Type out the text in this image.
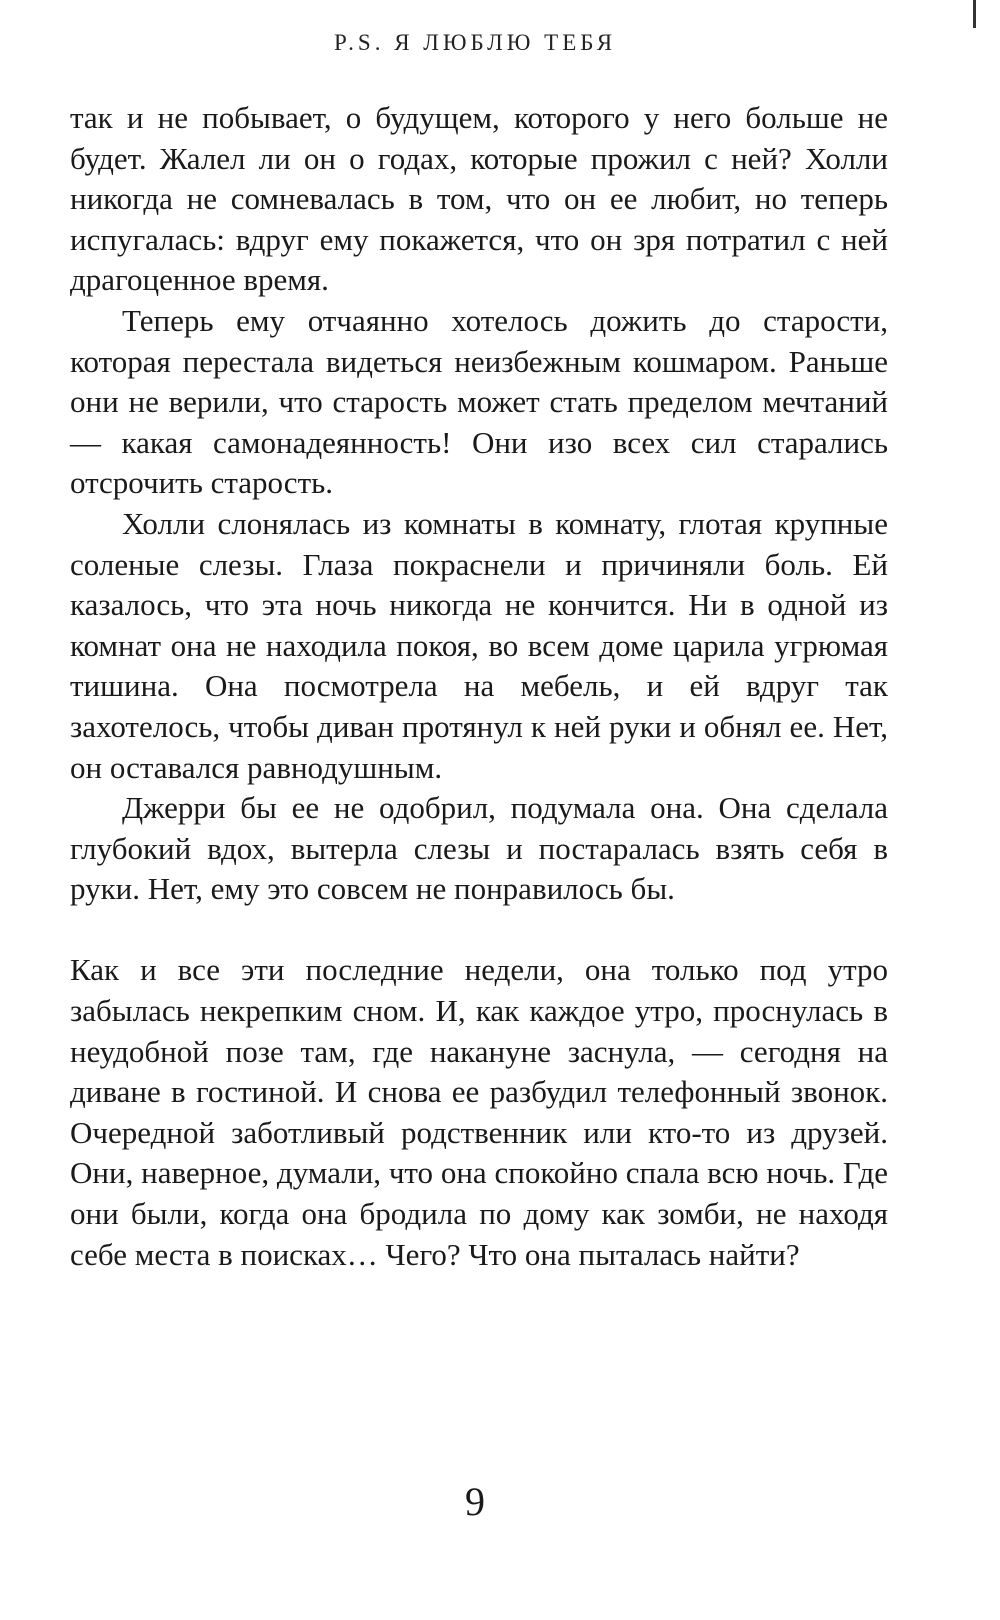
P.S. Я ЛЮБЛЮ ТЕБЯ

так и не побывает, о будущем, которого у него больше не будет. Жалел ли он о годах, которые прожил с ней? Холли никогда не сомневалась в том, что он ее любит, но теперь испугалась: вдруг ему покажется, что он зря потратил с ней драгоценное время.

Теперь ему отчаянно хотелось дожить до старости, которая перестала видеться неизбежным кошмаром. Раньше они не верили, что старость может стать пределом мечтаний — какая самонадеянность! Они изо всех сил старались отсрочить старость.

Холли слонялась из комнаты в комнату, глотая крупные соленые слезы. Глаза покраснели и причиняли боль. Ей казалось, что эта ночь никогда не кончится. Ни в одной из комнат она не находила покоя, во всем доме царила угрюмая тишина. Она посмотрела на мебель, и ей вдруг так захотелось, чтобы диван протянул к ней руки и обнял ее. Нет, он оставался равнодушным.

Джерри бы ее не одобрил, подумала она. Она сделала глубокий вдох, вытерла слезы и постаралась взять себя в руки. Нет, ему это совсем не понравилось бы.

Как и все эти последние недели, она только под утро забылась некрепким сном. И, как каждое утро, проснулась в неудобной позе там, где накануне заснула, — сегодня на диване в гостиной. И снова ее разбудил телефонный звонок. Очередной заботливый родственник или кто-то из друзей. Они, наверное, думали, что она спокойно спала всю ночь. Где они были, когда она бродила по дому как зомби, не находя себе места в поисках… Чего? Что она пыталась найти?

9
